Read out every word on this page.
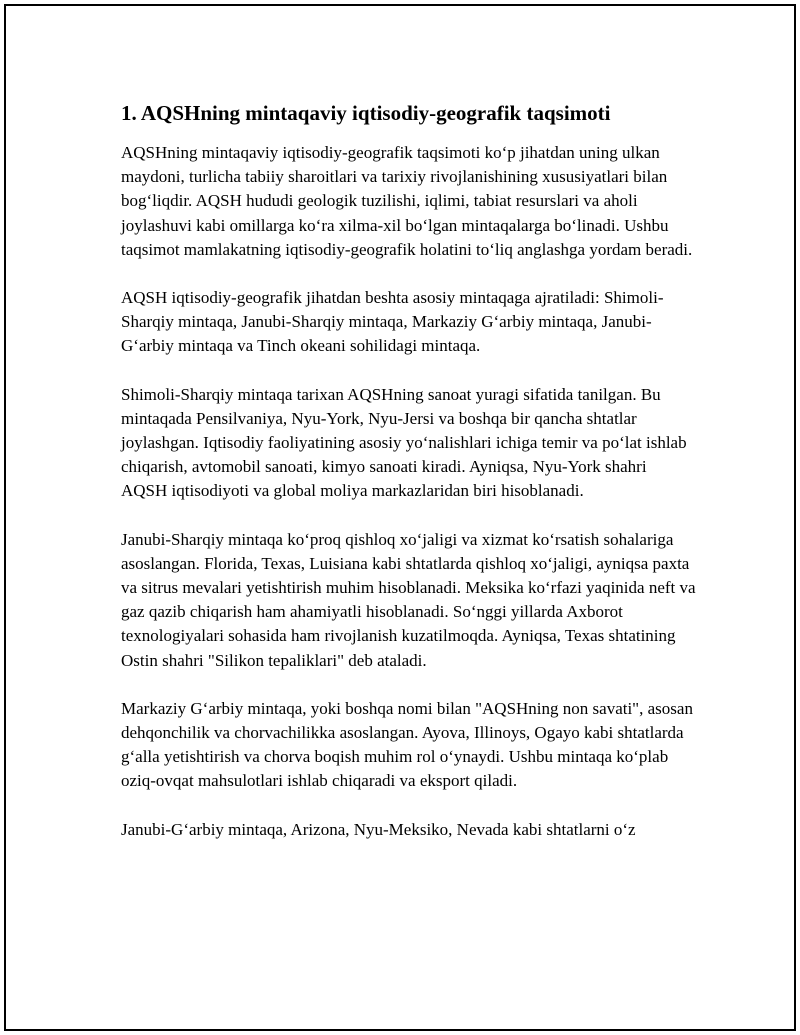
1. AQSHning mintaqaviy iqtisodiy-geografik taqsimoti

AQSHning mintaqaviy iqtisodiy-geografik taqsimoti ko‘p jihatdan uning ulkan maydoni, turlicha tabiiy sharoitlari va tarixiy rivojlanishining xususiyatlari bilan bog‘liqdir. AQSH hududi geologik tuzilishi, iqlimi, tabiat resurslari va aholi joylashuvi kabi omillarga ko‘ra xilma-xil bo‘lgan mintaqalarga bo‘linadi. Ushbu taqsimot mamlakatning iqtisodiy-geografik holatini to‘liq anglashga yordam beradi.

AQSH iqtisodiy-geografik jihatdan beshta asosiy mintaqaga ajratiladi: Shimoli-Sharqiy mintaqa, Janubi-Sharqiy mintaqa, Markaziy G‘arbiy mintaqa, Janubi-G‘arbiy mintaqa va Tinch okeani sohilidagi mintaqa.

Shimoli-Sharqiy mintaqa tarixan AQSHning sanoat yuragi sifatida tanilgan. Bu mintaqada Pensilvaniya, Nyu-York, Nyu-Jersi va boshqa bir qancha shtatlar joylashgan. Iqtisodiy faoliyatining asosiy yo‘nalishlari ichiga temir va po‘lat ishlab chiqarish, avtomobil sanoati, kimyo sanoati kiradi. Ayniqsa, Nyu-York shahri AQSH iqtisodiyoti va global moliya markazlaridan biri hisoblanadi.

Janubi-Sharqiy mintaqa ko‘proq qishloq xo‘jaligi va xizmat ko‘rsatish sohalariga asoslangan. Florida, Texas, Luisiana kabi shtatlarda qishloq xo‘jaligi, ayniqsa paxta va sitrus mevalari yetishtirish muhim hisoblanadi. Meksika ko‘rfazi yaqinida neft va gaz qazib chiqarish ham ahamiyatli hisoblanadi. So‘nggi yillarda Axborot texnologiyalari sohasida ham rivojlanish kuzatilmoqda. Ayniqsa, Texas shtatining Ostin shahri "Silikon tepaliklari" deb ataladi.

Markaziy G‘arbiy mintaqa, yoki boshqa nomi bilan "AQSHning non savati", asosan dehqonchilik va chorvachilikka asoslangan. Ayova, Illinoys, Ogayo kabi shtatlarda g‘alla yetishtirish va chorva boqish muhim rol o‘ynaydi. Ushbu mintaqa ko‘plab oziq-ovqat mahsulotlari ishlab chiqaradi va eksport qiladi.

Janubi-G‘arbiy mintaqa, Arizona, Nyu-Meksiko, Nevada kabi shtatlarni o‘z
